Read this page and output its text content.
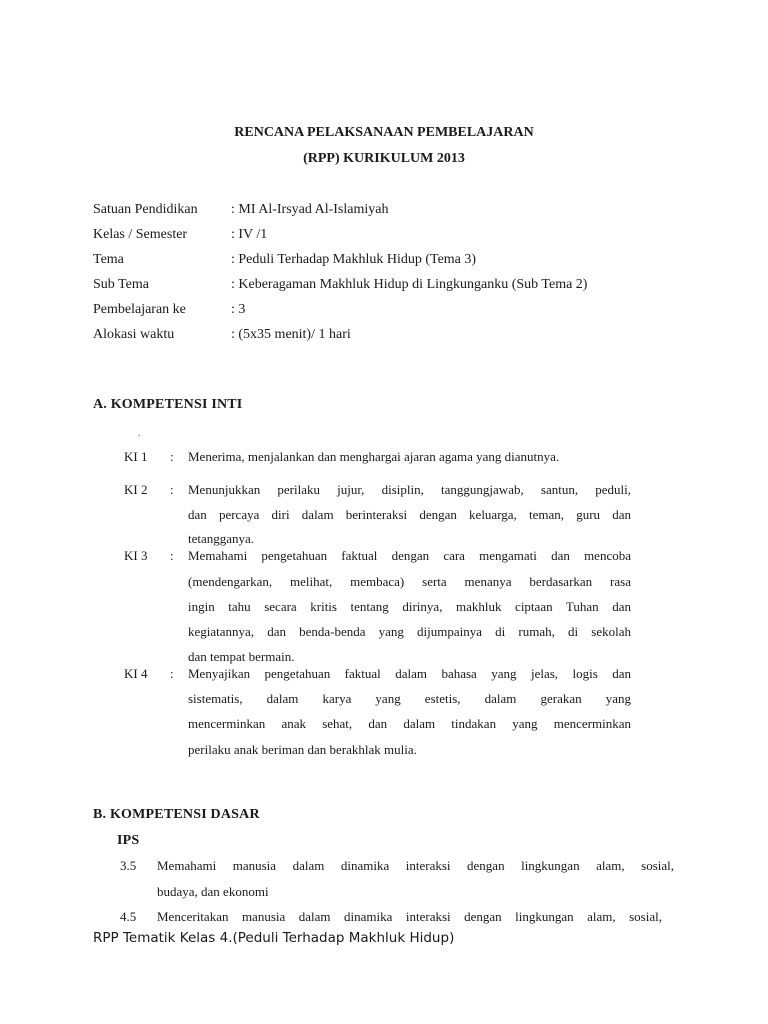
RENCANA PELAKSANAAN PEMBELAJARAN
(RPP) KURIKULUM 2013
Satuan Pendidikan : MI Al-Irsyad Al-Islamiyah
Kelas / Semester	: IV /1
Tema	: Peduli Terhadap Makhluk Hidup (Tema 3)
Sub Tema	: Keberagaman Makhluk Hidup di Lingkunganku (Sub Tema 2)
Pembelajaran ke	: 3
Alokasi waktu	: (5x35 menit)/ 1 hari
A. KOMPETENSI INTI
.
KI 1 : Menerima, menjalankan dan menghargai ajaran agama yang dianutnya.
KI 2 : Menunjukkan perilaku jujur, disiplin, tanggungjawab, santun, peduli,
dan percaya diri dalam berinteraksi dengan keluarga, teman, guru dan
tetangganya.
KI 3 : Memahami pengetahuan faktual dengan cara mengamati dan mencoba
(mendengarkan, melihat, membaca) serta menanya berdasarkan rasa
ingin tahu secara kritis tentang dirinya, makhluk ciptaan Tuhan dan
kegiatannya, dan benda-benda yang dijumpainya di rumah, di sekolah
dan tempat bermain.
KI 4 : Menyajikan pengetahuan faktual dalam bahasa yang jelas, logis dan
sistematis, dalam karya yang estetis, dalam gerakan yang
mencerminkan anak sehat, dan dalam tindakan yang mencerminkan
perilaku anak beriman dan berakhlak mulia.
B. KOMPETENSI DASAR
IPS
3.5 Memahami manusia dalam dinamika interaksi dengan lingkungan alam, sosial,
budaya, dan ekonomi
4.5 Menceritakan manusia dalam dinamika interaksi dengan lingkungan alam, sosial,
RPP Tematik Kelas 4.(Peduli Terhadap Makhluk Hidup)
